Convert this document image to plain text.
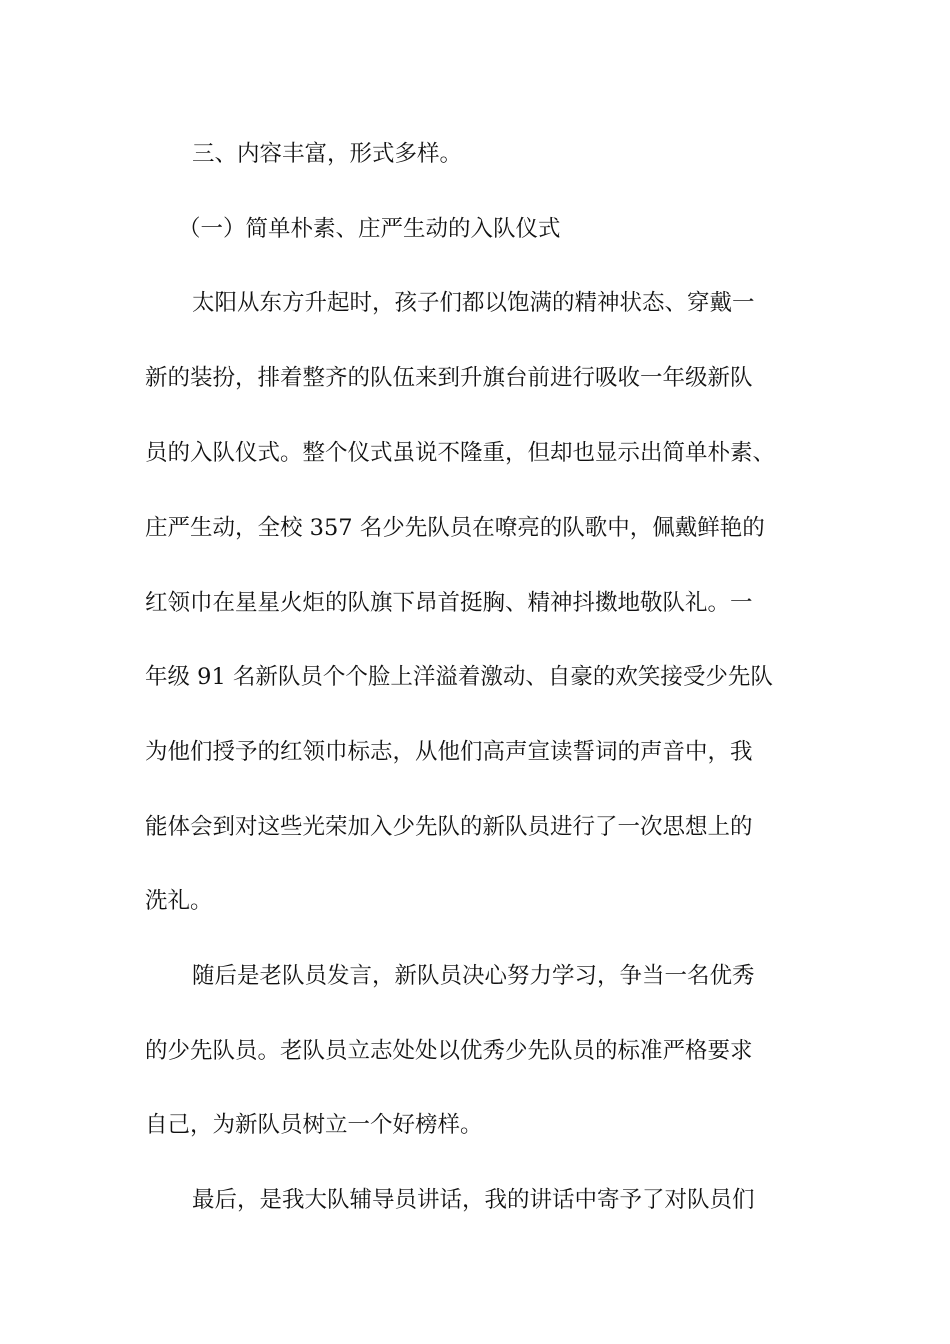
三、内容丰富，形式多样。
（一）简单朴素、庄严生动的入队仪式
太阳从东方升起时，孩子们都以饱满的精神状态、穿戴一
新的装扮，排着整齐的队伍来到升旗台前进行吸收一年级新队
员的入队仪式。整个仪式虽说不隆重，但却也显示出简单朴素、
庄严生动，全校 357 名少先队员在嘹亮的队歌中，佩戴鲜艳的
红领巾在星星火炬的队旗下昂首挺胸、精神抖擞地敬队礼。一
年级 91 名新队员个个脸上洋溢着激动、自豪的欢笑接受少先队
为他们授予的红领巾标志，从他们高声宣读誓词的声音中，我
能体会到对这些光荣加入少先队的新队员进行了一次思想上的
洗礼。
随后是老队员发言，新队员决心努力学习，争当一名优秀
的少先队员。老队员立志处处以优秀少先队员的标准严格要求
自己，为新队员树立一个好榜样。
最后，是我大队辅导员讲话，我的讲话中寄予了对队员们
